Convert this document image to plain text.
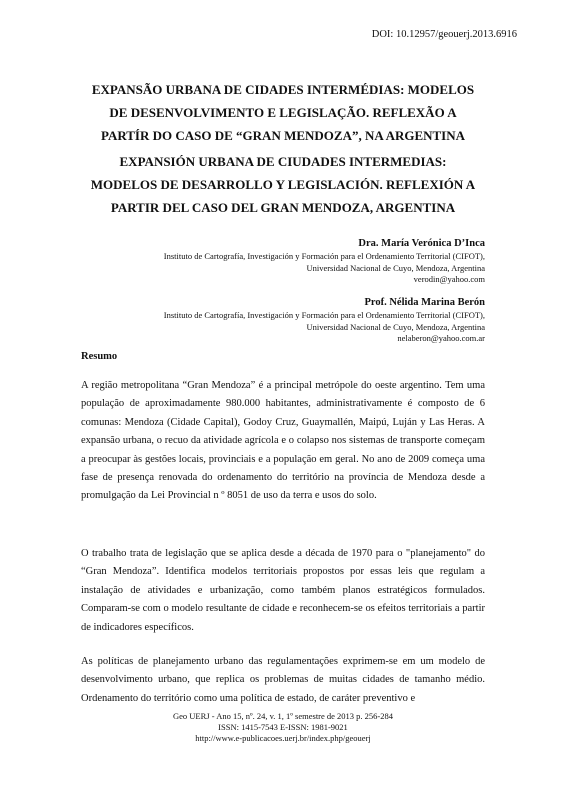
DOI: 10.12957/geouerj.2013.6916
EXPANSÃO URBANA DE CIDADES INTERMÉDIAS: MODELOS
DE DESENVOLVIMENTO E LEGISLAÇÃO. REFLEXÃO A
PARTÍR DO CASO DE “GRAN MENDOZA”, NA ARGENTINA
EXPANSIÓN URBANA DE CIUDADES INTERMEDIAS:
MODELOS DE DESARROLLO Y LEGISLACIÓN. REFLEXIÓN A
PARTIR DEL CASO DEL GRAN MENDOZA, ARGENTINA
Dra. María Verónica D’Inca
Instituto de Cartografía, Investigación y Formación para el Ordenamiento Territorial (CIFOT),
Universidad Nacional de Cuyo, Mendoza, Argentina
verodin@yahoo.com
Prof. Nélida Marina Berón
Instituto de Cartografía, Investigación y Formación para el Ordenamiento Territorial (CIFOT),
Universidad Nacional de Cuyo, Mendoza, Argentina
nelaberon@yahoo.com.ar
Resumo

A região metropolitana “Gran Mendoza” é a principal metrópole do oeste argentino. Tem uma população de aproximadamente 980.000 habitantes, administrativamente é composto de 6 comunas: Mendoza (Cidade Capital), Godoy Cruz, Guaymallén, Maipú, Luján y Las Heras. A expansão urbana, o recuo da atividade agrícola e o colapso nos sistemas de transporte começam a preocupar às gestões locais, provinciais e a população em geral. No ano de 2009 começa uma fase de presença renovada do ordenamento do território na província de Mendoza desde a promulgação da Lei Provincial n º 8051 de uso da terra e usos do solo.

O trabalho trata de legislação que se aplica desde a década de 1970 para o "planejamento" do “Gran Mendoza”. Identifica modelos territoriais propostos por essas leis que regulam a instalação de atividades e urbanização, como também planos estratégicos formulados. Comparam-se com o modelo resultante de cidade e reconhecem-se os efeitos territoriais a partir de indicadores específicos.

As políticas de planejamento urbano das regulamentações exprimem-se em um modelo de desenvolvimento urbano, que replica os problemas de muitas cidades de tamanho médio. Ordenamento do território como uma política de estado, de caráter preventivo e

Geo UERJ - Ano 15, nº. 24, v. 1, 1º semestre de 2013 p. 256-284
ISSN: 1415-7543 E-ISSN: 1981-9021
http://www.e-publicacoes.uerj.br/index.php/geouerj
